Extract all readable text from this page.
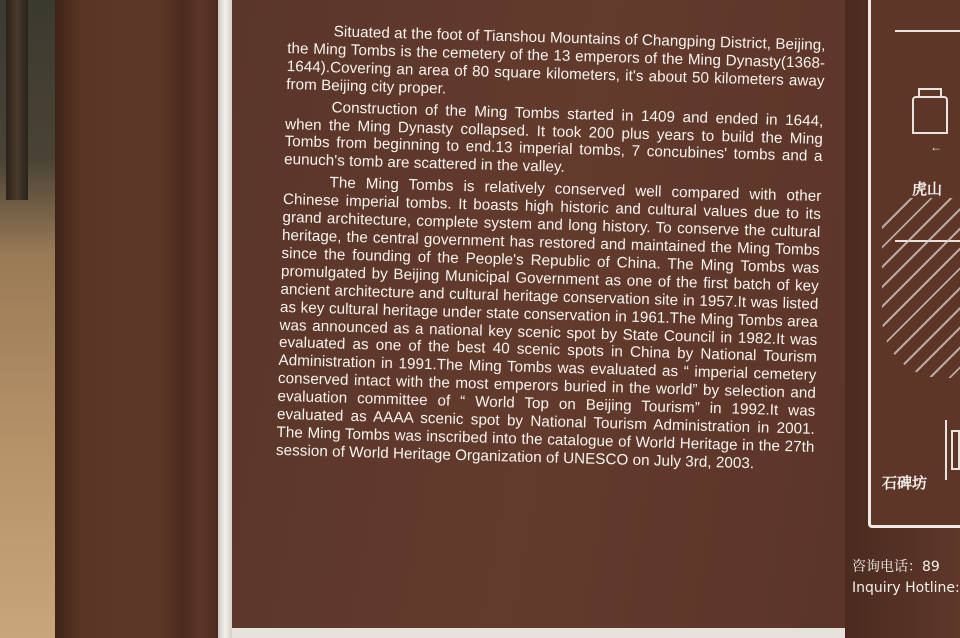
←
虎山
石碑坊
咨询电话：89
Inquiry Hotline:

Situated at the foot of Tianshou Mountains of Changping District, Beijing, the Ming Tombs is the cemetery of the 13 emperors of the Ming Dynasty(1368-1644).Covering an area of 80 square kilometers, it's about 50 kilometers away from Beijing city proper.

Construction of the Ming Tombs started in 1409 and ended in 1644, when the Ming Dynasty collapsed. It took 200 plus years to build the Ming Tombs from beginning to end.13 imperial tombs, 7 concubines' tombs and a eunuch's tomb are scattered in the valley.

The Ming Tombs is relatively conserved well compared with other Chinese imperial tombs. It boasts high historic and cultural values due to its grand architecture, complete system and long history. To conserve the cultural heritage, the central government has restored and maintained the Ming Tombs since the founding of the People's Republic of China. The Ming Tombs was promulgated by Beijing Municipal Government as one of the first batch of key ancient architecture and cultural heritage conservation site in 1957.It was listed as key cultural heritage under state conservation in 1961.The Ming Tombs area was announced as a national key scenic spot by State Council in 1982.It was evaluated as one of the best 40 scenic spots in China by National Tourism Administration in 1991.The Ming Tombs was evaluated as “ imperial cemetery conserved intact with the most emperors buried in the world” by selection and evaluation committee of “ World Top on Beijing Tourism” in 1992.It was evaluated as AAAA scenic spot by National Tourism Administration in 2001. The Ming Tombs was inscribed into the catalogue of World Heritage in the 27th session of World Heritage Organization of UNESCO on July 3rd, 2003.
